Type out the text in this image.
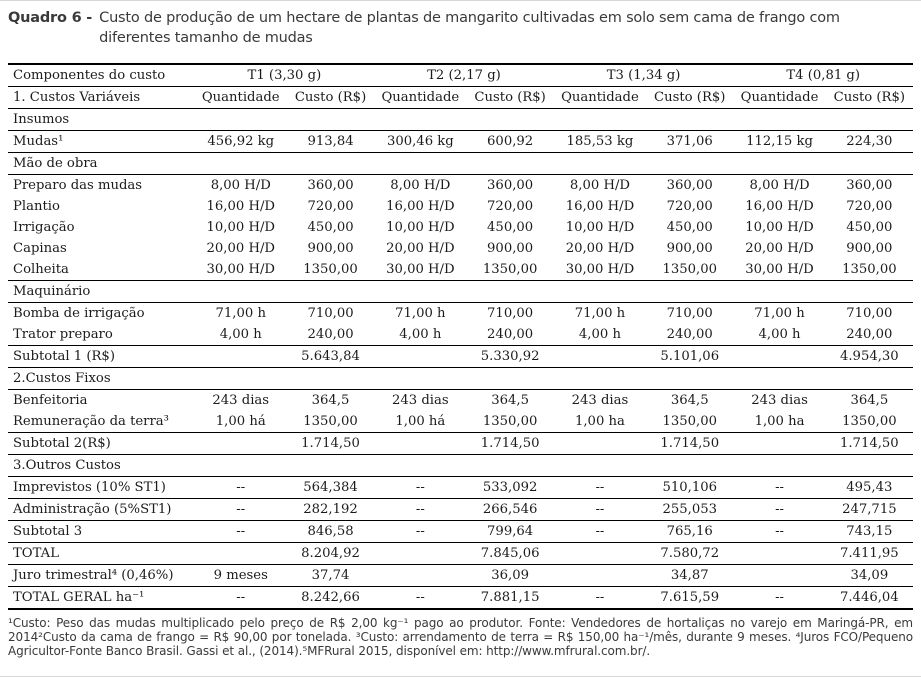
Quadro 6 - Custo de produção de um hectare de plantas de mangarito cultivadas em solo sem cama de frango com diferentes tamanho de mudas
Componentes do custo	T1 (3,30 g)		T2 (2,17 g)		T3 (1,34 g)		T4 (0,81 g)	
1. Custos Variáveis	Quantidade	Custo (R$)	Quantidade	Custo (R$)	Quantidade	Custo (R$)	Quantidade	Custo (R$)
Insumos								
Mudas¹	456,92 kg	913,84	300,46 kg	600,92	185,53 kg	371,06	112,15 kg	224,30
Mão de obra								
Preparo das mudas	8,00 H/D	360,00	8,00 H/D	360,00	8,00 H/D	360,00	8,00 H/D	360,00
Plantio	16,00 H/D	720,00	16,00 H/D	720,00	16,00 H/D	720,00	16,00 H/D	720,00
Irrigação	10,00 H/D	450,00	10,00 H/D	450,00	10,00 H/D	450,00	10,00 H/D	450,00
Capinas	20,00 H/D	900,00	20,00 H/D	900,00	20,00 H/D	900,00	20,00 H/D	900,00
Colheita	30,00 H/D	1350,00	30,00 H/D	1350,00	30,00 H/D	1350,00	30,00 H/D	1350,00
Maquinário								
Bomba de irrigação	71,00 h	710,00	71,00 h	710,00	71,00 h	710,00	71,00 h	710,00
Trator preparo	4,00 h	240,00	4,00 h	240,00	4,00 h	240,00	4,00 h	240,00
Subtotal 1 (R$)		5.643,84		5.330,92		5.101,06		4.954,30
2.Custos Fixos								
Benfeitoria	243 dias	364,5	243 dias	364,5	243 dias	364,5	243 dias	364,5
Remuneração da terra³	1,00 há	1350,00	1,00 há	1350,00	1,00 ha	1350,00	1,00 ha	1350,00
Subtotal 2(R$)		1.714,50		1.714,50		1.714,50		1.714,50
3.Outros Custos								
Imprevistos (10% ST1)	--	564,384	--	533,092	--	510,106	--	495,43
Administração (5%ST1)	--	282,192	--	266,546	--	255,053	--	247,715
Subtotal 3	--	846,58	--	799,64	--	765,16	--	743,15
TOTAL		8.204,92		7.845,06		7.580,72		7.411,95
Juro trimestral⁴ (0,46%)	9 meses	37,74		36,09		34,87		34,09
TOTAL GERAL ha⁻¹	--	8.242,66	--	7.881,15	--	7.615,59	--	7.446,04
¹Custo: Peso das mudas multiplicado pelo preço de R$ 2,00 kg⁻¹ pago ao produtor. Fonte: Vendedores de hortaliças no varejo em Maringá-PR, em 2014²Custo da cama de frango = R$ 90,00 por tonelada. ³Custo: arrendamento de terra = R$ 150,00 ha⁻¹/mês, durante 9 meses. ⁴Juros FCO/Pequeno Agricultor-Fonte Banco Brasil. Gassi et al., (2014).⁵MFRural 2015, disponível em: http://www.mfrural.com.br/.
